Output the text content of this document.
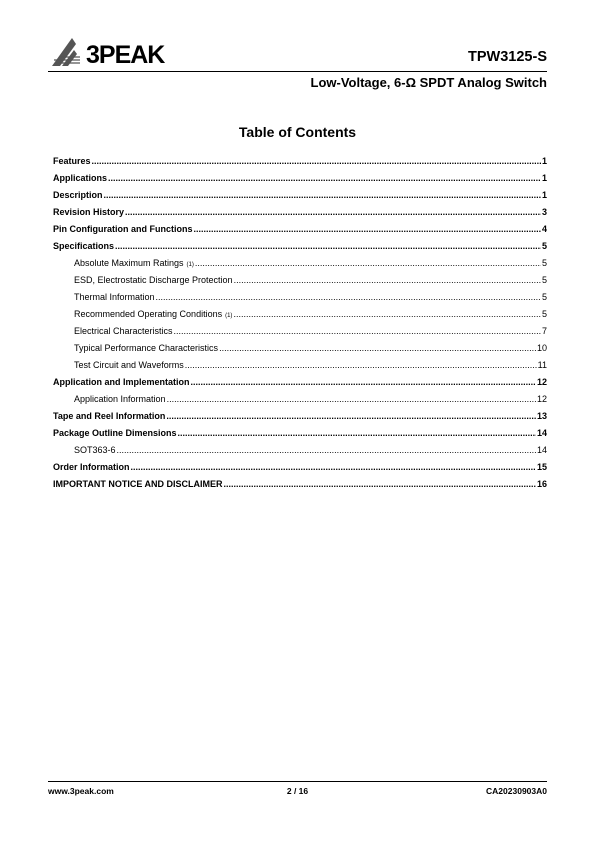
3PEAK	TPW3125-S
Low-Voltage, 6-Ω SPDT Analog Switch
Table of Contents
Features .....	1
Applications .....	1
Description .....	1
Revision History .....	3
Pin Configuration and Functions .....	4
Specifications .....	5
Absolute Maximum Ratings $_{(1)}$ .....	5
ESD, Electrostatic Discharge Protection .....	5
Thermal Information .....	5
Recommended Operating Conditions $_{(1)}$ .....	5
Electrical Characteristics .....	7
Typical Performance Characteristics .....	10
Test Circuit and Waveforms .....	11
Application and Implementation .....	12
Application Information .....	12
Tape and Reel Information .....	13
Package Outline Dimensions .....	14
SOT363-6 .....	14
Order Information .....	15
IMPORTANT NOTICE AND DISCLAIMER .....	16
www.3peak.com	2 / 16	CA20230903A0
